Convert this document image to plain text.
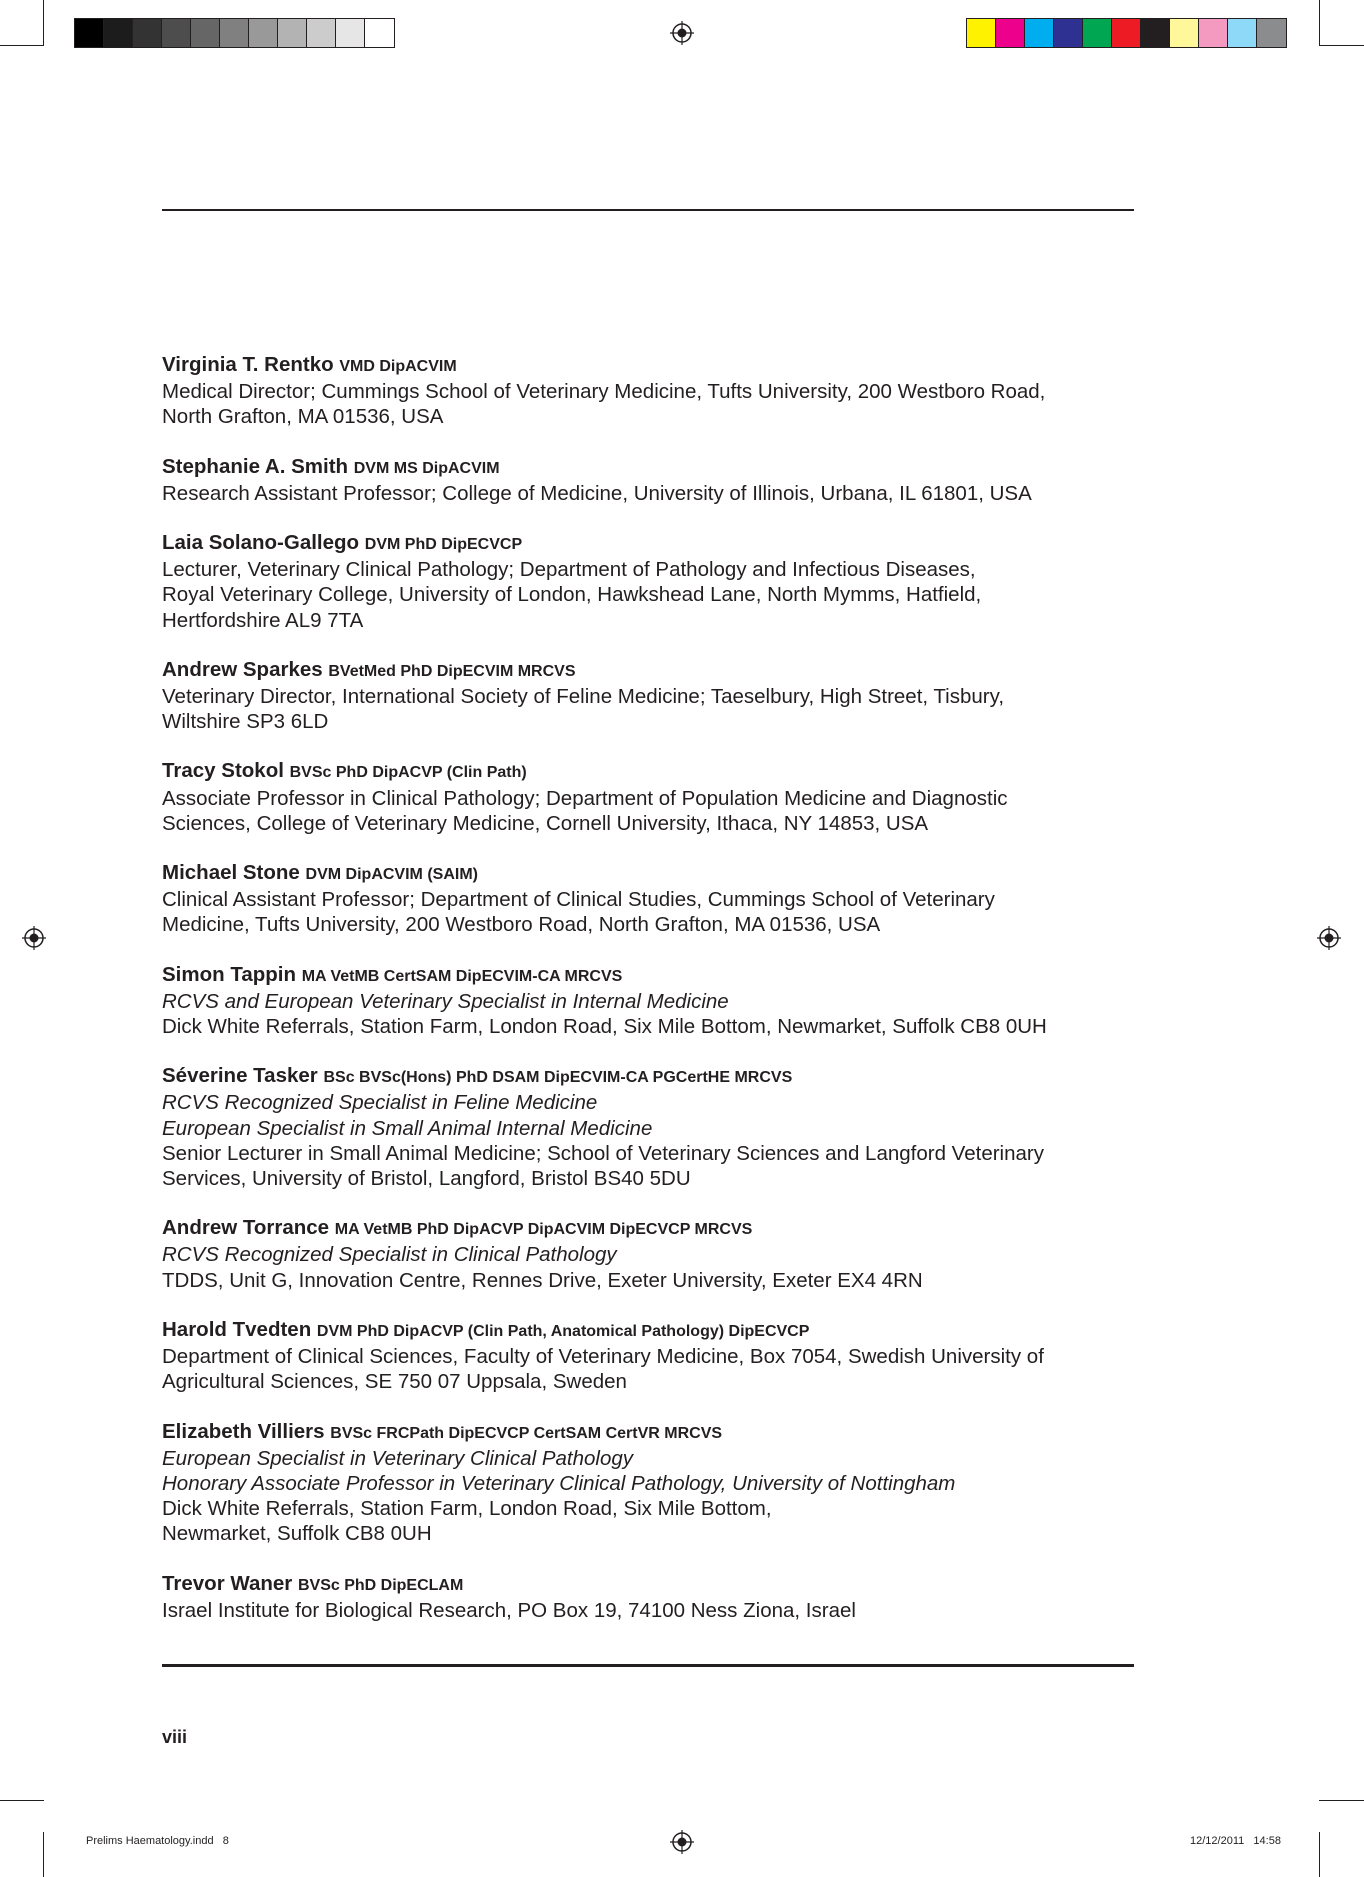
Virginia T. Rentko VMD DipACVIM
Medical Director; Cummings School of Veterinary Medicine, Tufts University, 200 Westboro Road,
North Grafton, MA 01536, USA
Stephanie A. Smith DVM MS DipACVIM
Research Assistant Professor; College of Medicine, University of Illinois, Urbana, IL 61801, USA
Laia Solano-Gallego DVM PhD DipECVCP
Lecturer, Veterinary Clinical Pathology; Department of Pathology and Infectious Diseases,
Royal Veterinary College, University of London, Hawkshead Lane, North Mymms, Hatfield,
Hertfordshire AL9 7TA
Andrew Sparkes BVetMed PhD DipECVIM MRCVS
Veterinary Director, International Society of Feline Medicine; Taeselbury, High Street, Tisbury,
Wiltshire SP3 6LD
Tracy Stokol BVSc PhD DipACVP (Clin Path)
Associate Professor in Clinical Pathology; Department of Population Medicine and Diagnostic
Sciences, College of Veterinary Medicine, Cornell University, Ithaca, NY 14853, USA
Michael Stone DVM DipACVIM (SAIM)
Clinical Assistant Professor; Department of Clinical Studies, Cummings School of Veterinary
Medicine, Tufts University, 200 Westboro Road, North Grafton, MA 01536, USA
Simon Tappin MA VetMB CertSAM DipECVIM-CA MRCVS
RCVS and European Veterinary Specialist in Internal Medicine
Dick White Referrals, Station Farm, London Road, Six Mile Bottom, Newmarket, Suffolk CB8 0UH
Séverine Tasker BSc BVSc(Hons) PhD DSAM DipECVIM-CA PGCertHE MRCVS
RCVS Recognized Specialist in Feline Medicine
European Specialist in Small Animal Internal Medicine
Senior Lecturer in Small Animal Medicine; School of Veterinary Sciences and Langford Veterinary
Services, University of Bristol, Langford, Bristol BS40 5DU
Andrew Torrance MA VetMB PhD DipACVP DipACVIM DipECVCP MRCVS
RCVS Recognized Specialist in Clinical Pathology
TDDS, Unit G, Innovation Centre, Rennes Drive, Exeter University, Exeter EX4 4RN
Harold Tvedten DVM PhD DipACVP (Clin Path, Anatomical Pathology) DipECVCP
Department of Clinical Sciences, Faculty of Veterinary Medicine, Box 7054, Swedish University of
Agricultural Sciences, SE 750 07 Uppsala, Sweden
Elizabeth Villiers BVSc FRCPath DipECVCP CertSAM CertVR MRCVS
European Specialist in Veterinary Clinical Pathology
Honorary Associate Professor in Veterinary Clinical Pathology, University of Nottingham
Dick White Referrals, Station Farm, London Road, Six Mile Bottom,
Newmarket, Suffolk CB8 0UH
Trevor Waner BVSc PhD DipECLAM
Israel Institute for Biological Research, PO Box 19, 74100 Ness Ziona, Israel
viii
Prelims Haematology.indd   8	12/12/2011   14:58
